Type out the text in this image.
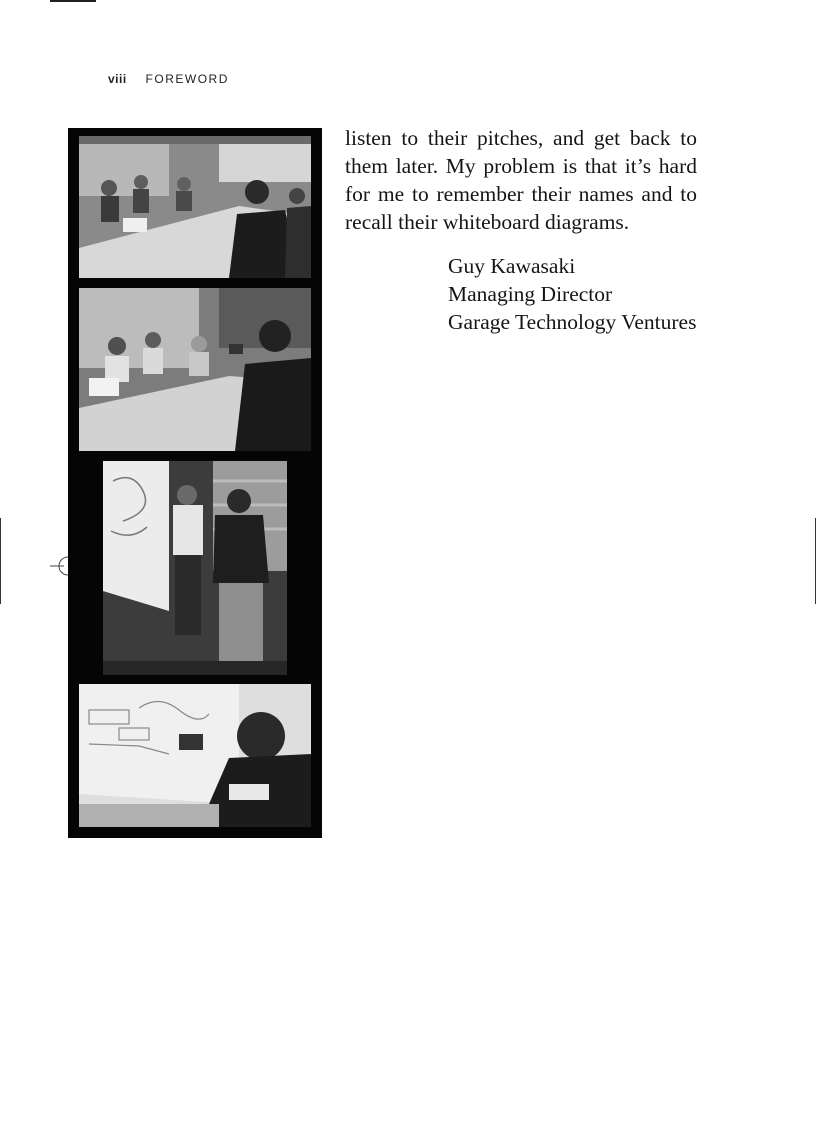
viii FOREWORD

listen to their pitches, and get back to them later. My problem is that it’s hard for me to remember their names and to recall their whiteboard diagrams.

Guy Kawasaki
Managing Director
Garage Technology Ventures
